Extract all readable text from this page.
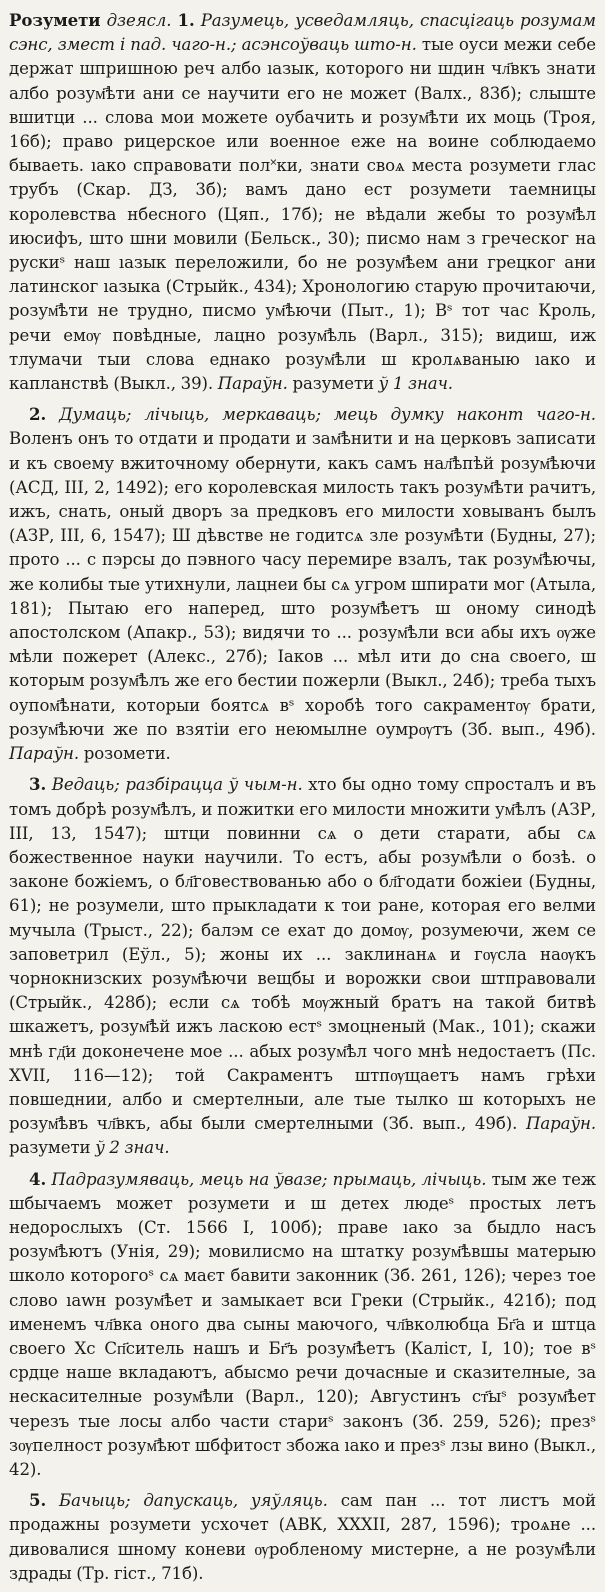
Розумети дзеясл. 1. Разумець, усведамляць, спасцігаць розумам сэнс, змест і пад. чаго-н.; асэнсоўваць што-н. тые оуси межи себе держат шпришною реч албо ıазык, которого ни шдин чл҃вкъ знати албо розум҃ѣти ани се научити его не может (Валх., 83б); слыште вшитци ... слова мои можете оубачить и розум҃ѣти их моць (Троя, 16б); право рицерское или военное еже на воине соблюдаемо бываеть. ıако справовати пол˟ки, знати своѧ места розумети глас трубъ (Скар. ДЗ, 3б); вамъ дано ест розумети таемницы королевства нбесного (Цяп., 17б); не вѣдали жебы то розум҃ѣл июсифъ, што шни мовили (Бельск., 30); писмо нам з греческог на рускиˢ наш ıазык переложили, бо не розум҃ѣем ани грецког ани латинског ıазыка (Стрыйк., 434); Хронологию старую прочитаючи, розум҃ѣти не трудно, писмо ум҃ѣючи (Пыт., 1); Вˢ тот час Кроль, речи емѹ повѣдные, лацно розум҃ѣль (Варл., 315); видиш, иж тлумачи тыи слова еднако розум҃ѣли ш кролѧваныю ıако и капланствѣ (Выкл., 39). Параўн. разумети ў 1 знач.

2. Думаць; лічыць, меркаваць; мець думку наконт чаго-н. Воленъ онъ то отдати и продати и зам҃ѣнити и на церковъ записати и къ своему вжиточному обернути, какъ самъ нал҃ѣпѣй розум҃ѣючи (АСД, III, 2, 1492); его королевская милость такъ розум҃ѣти рачитъ, ижъ, снать, оный дворъ за предковъ его милости ховыванъ былъ (АЗР, III, 6, 1547); Ш дѣвстве не годитсѧ зле розум҃ѣти (Будны, 27); прото ... с пэрсы до пэвного часу перемире взалъ, так розум҃ѣючы, же колибы тые утихнули, лацнеи бы сѧ угром шпирати мог (Атыла, 181); Пытаю его наперед, што розум҃ѣетъ ш оному синодѣ апостолском (Апакр., 53); видячи то ... розум҃ѣли вси абы ихъ ѹже мѣли пожерет (Алекс., 27б); Іаков ... мѣл ити до сна своего, ш которым розум҃ѣлъ же его бестии пожерли (Выкл., 24б); треба тыхъ оупом҃ѣнати, которыи боятсѧ вˢ хоробѣ того сакраментѹ брати, розум҃ѣючи же по взятiи его неюмылне оумрѹтъ (Зб. вып., 49б). Параўн. розомети.

3. Ведаць; разбірацца ў чым-н. хто бы одно тому спросталъ и въ томъ добрѣ розум҃ѣлъ, и пожитки его милости множити ум҃ѣлъ (АЗР, III, 13, 1547); штци повинни сѧ о дети старати, абы сѧ божественное науки научили. То естъ, абы розум҃ѣли о бозѣ. о законе божіемъ, о бл҃говествованью або о бл҃годати божіеи (Будны, 61); не розумели, што прыкладати к тои ране, которая его велми мучыла (Трыст., 22); балэм се ехат до домѹ, розумеючи, жем се заповетрил (Еўл., 5); жоны их ... заклинанѧ и гѹсла наѹкъ чорнокнизских розум҃ѣючи вещбы и ворожки свои штправовали (Стрыйк., 428б); если сѧ тобѣ мѹжный братъ на такой битвѣ шкажетъ, розум҃ѣй ижъ ласкою естˢ змоцненый (Мак., 101); скажи мнѣ гд҃и доконечене мое ... абых розум҃ѣл чого мнѣ недостаетъ (Пс. XVII, 116—12); той Сакраментъ штпѹщаетъ намъ грѣхи повшеднии, албо и смертелныи, але тые тылко ш которыхъ не розум҃ѣвъ чл҃вкъ, абы были смертелными (Зб. вып., 49б). Параўн. разумети ў 2 знач.

4. Падразумяваць, мець на ўвазе; прымаць, лічыць. тым же теж шбычаемъ может розумети и ш детех людеˢ простых летъ недорослыхъ (Ст. 1566 I, 100б); праве ıако за быдло насъ розум҃ѣютъ (Унія, 29); мовилисмо на штатку розум҃ѣвшы матерыю школо которогоˢ сѧ маєт бавити законник (Зб. 261, 126); через тое слово ıаwн розум҃ѣет и замыкает вси Греки (Стрыйк., 421б); под именемъ чл҃вка оного два сыны маючого, чл҃вколюбца Бг҃а и штца своего Хс Сп҃ситель нашъ и Бг҃ъ розум҃ѣетъ (Каліст, I, 10); тое вˢ срдце наше вкладаютъ, абысмо речи дочасные и сказителные, за нескасителные розум҃ѣли (Варл., 120); Августинъ ст҃ыˢ розум҃ѣет черезъ тые лосы албо части стариˢ законъ (Зб. 259, 526); презˢ зѹпелност розум҃ѣют шбфитост збожа ıако и презˢ лзы вино (Выкл., 42).

5. Бачыць; дапускаць, уяўляць. сам пан ... тот листъ мой продажны розумети усхочет (АВК, XXXII, 287, 1596); троѧне ... дивовалися шному коневи ѹробленому мистерне, а не розум҃ѣли здрады (Тр. гіст., 71б).
